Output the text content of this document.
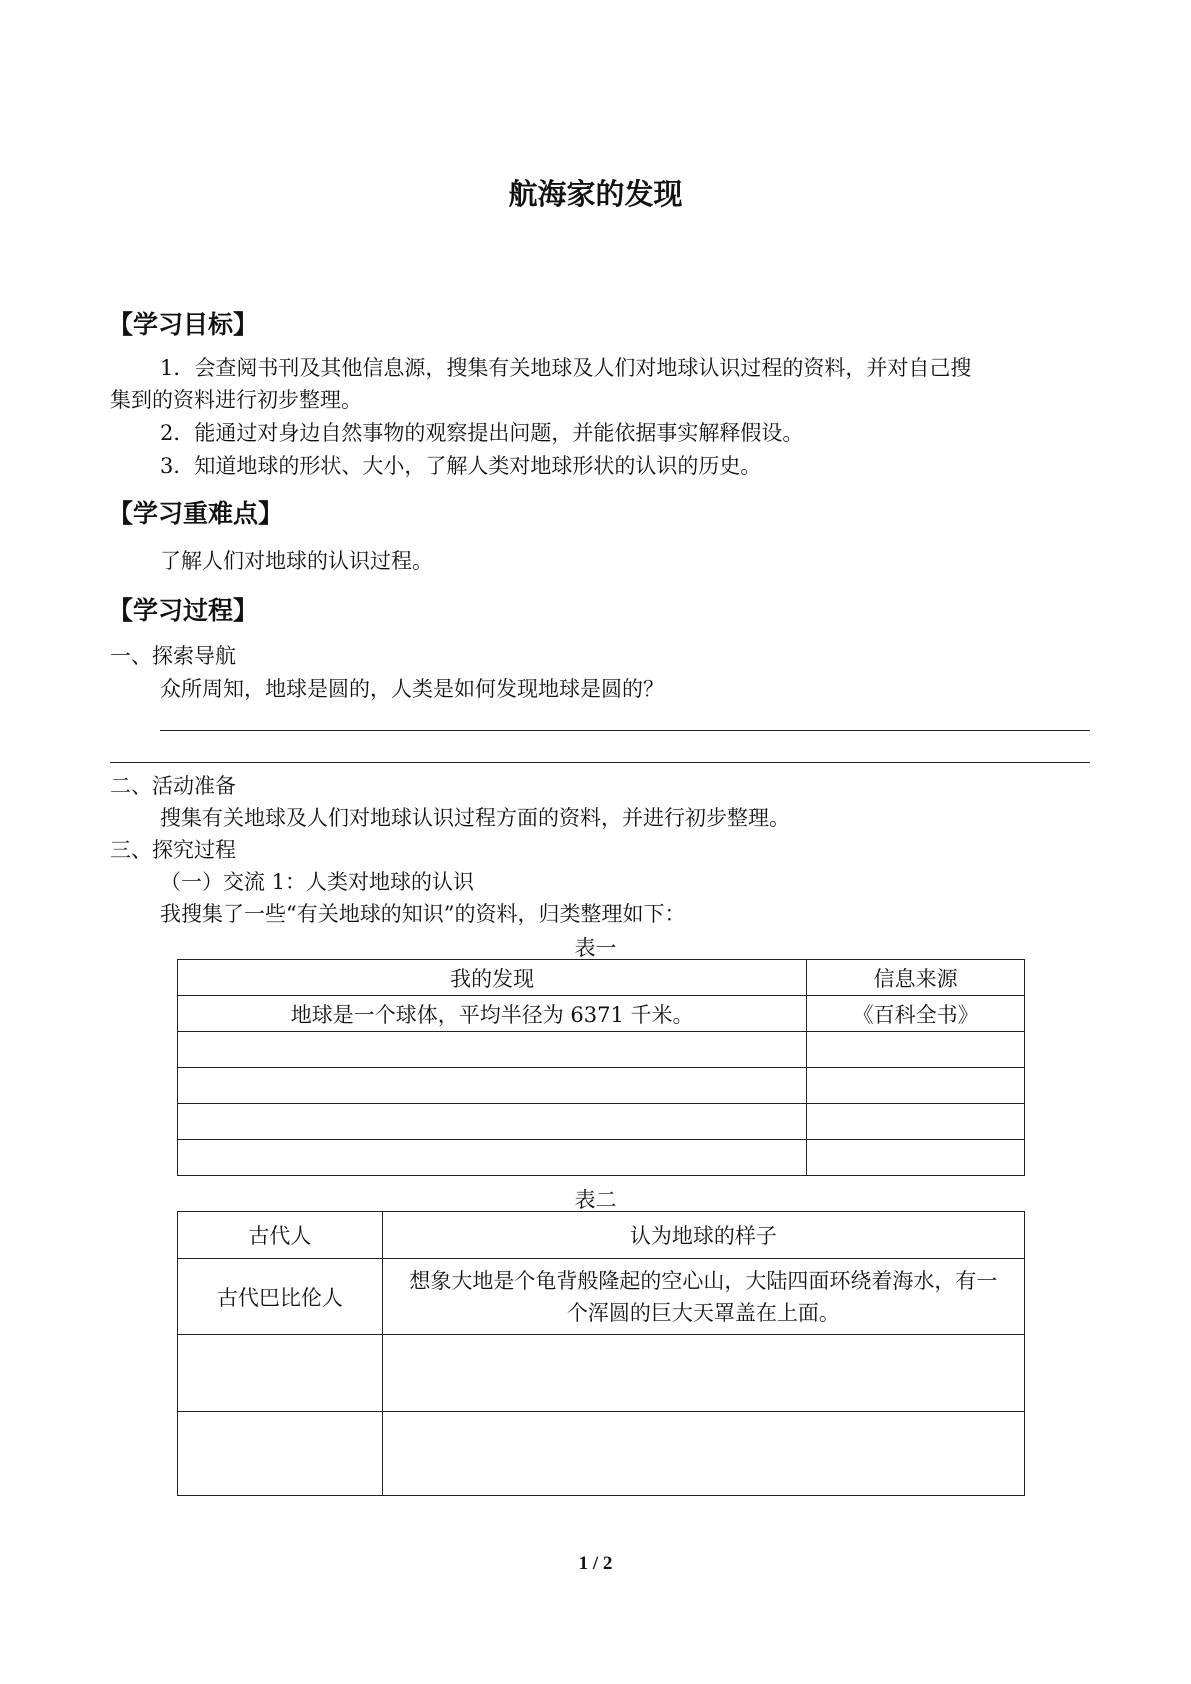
航海家的发现
【学习目标】
1．会查阅书刊及其他信息源，搜集有关地球及人们对地球认识过程的资料，并对自己搜
集到的资料进行初步整理。
2．能通过对身边自然事物的观察提出问题，并能依据事实解释假设。
3．知道地球的形状、大小，了解人类对地球形状的认识的历史。
【学习重难点】
了解人们对地球的认识过程。
【学习过程】
一、探索导航
众所周知，地球是圆的，人类是如何发现地球是圆的？
二、活动准备
搜集有关地球及人们对地球认识过程方面的资料，并进行初步整理。
三、探究过程
（一）交流 1：人类对地球的认识
我搜集了一些“有关地球的知识”的资料，归类整理如下：
表一
我的发现	信息来源
地球是一个球体，平均半径为 6371 千米。	《百科全书》

表二
古代人	认为地球的样子
古代巴比伦人	想象大地是个龟背般隆起的空心山，大陆四面环绕着海水，有一个浑圆的巨大天罩盖在上面。

1 / 2
